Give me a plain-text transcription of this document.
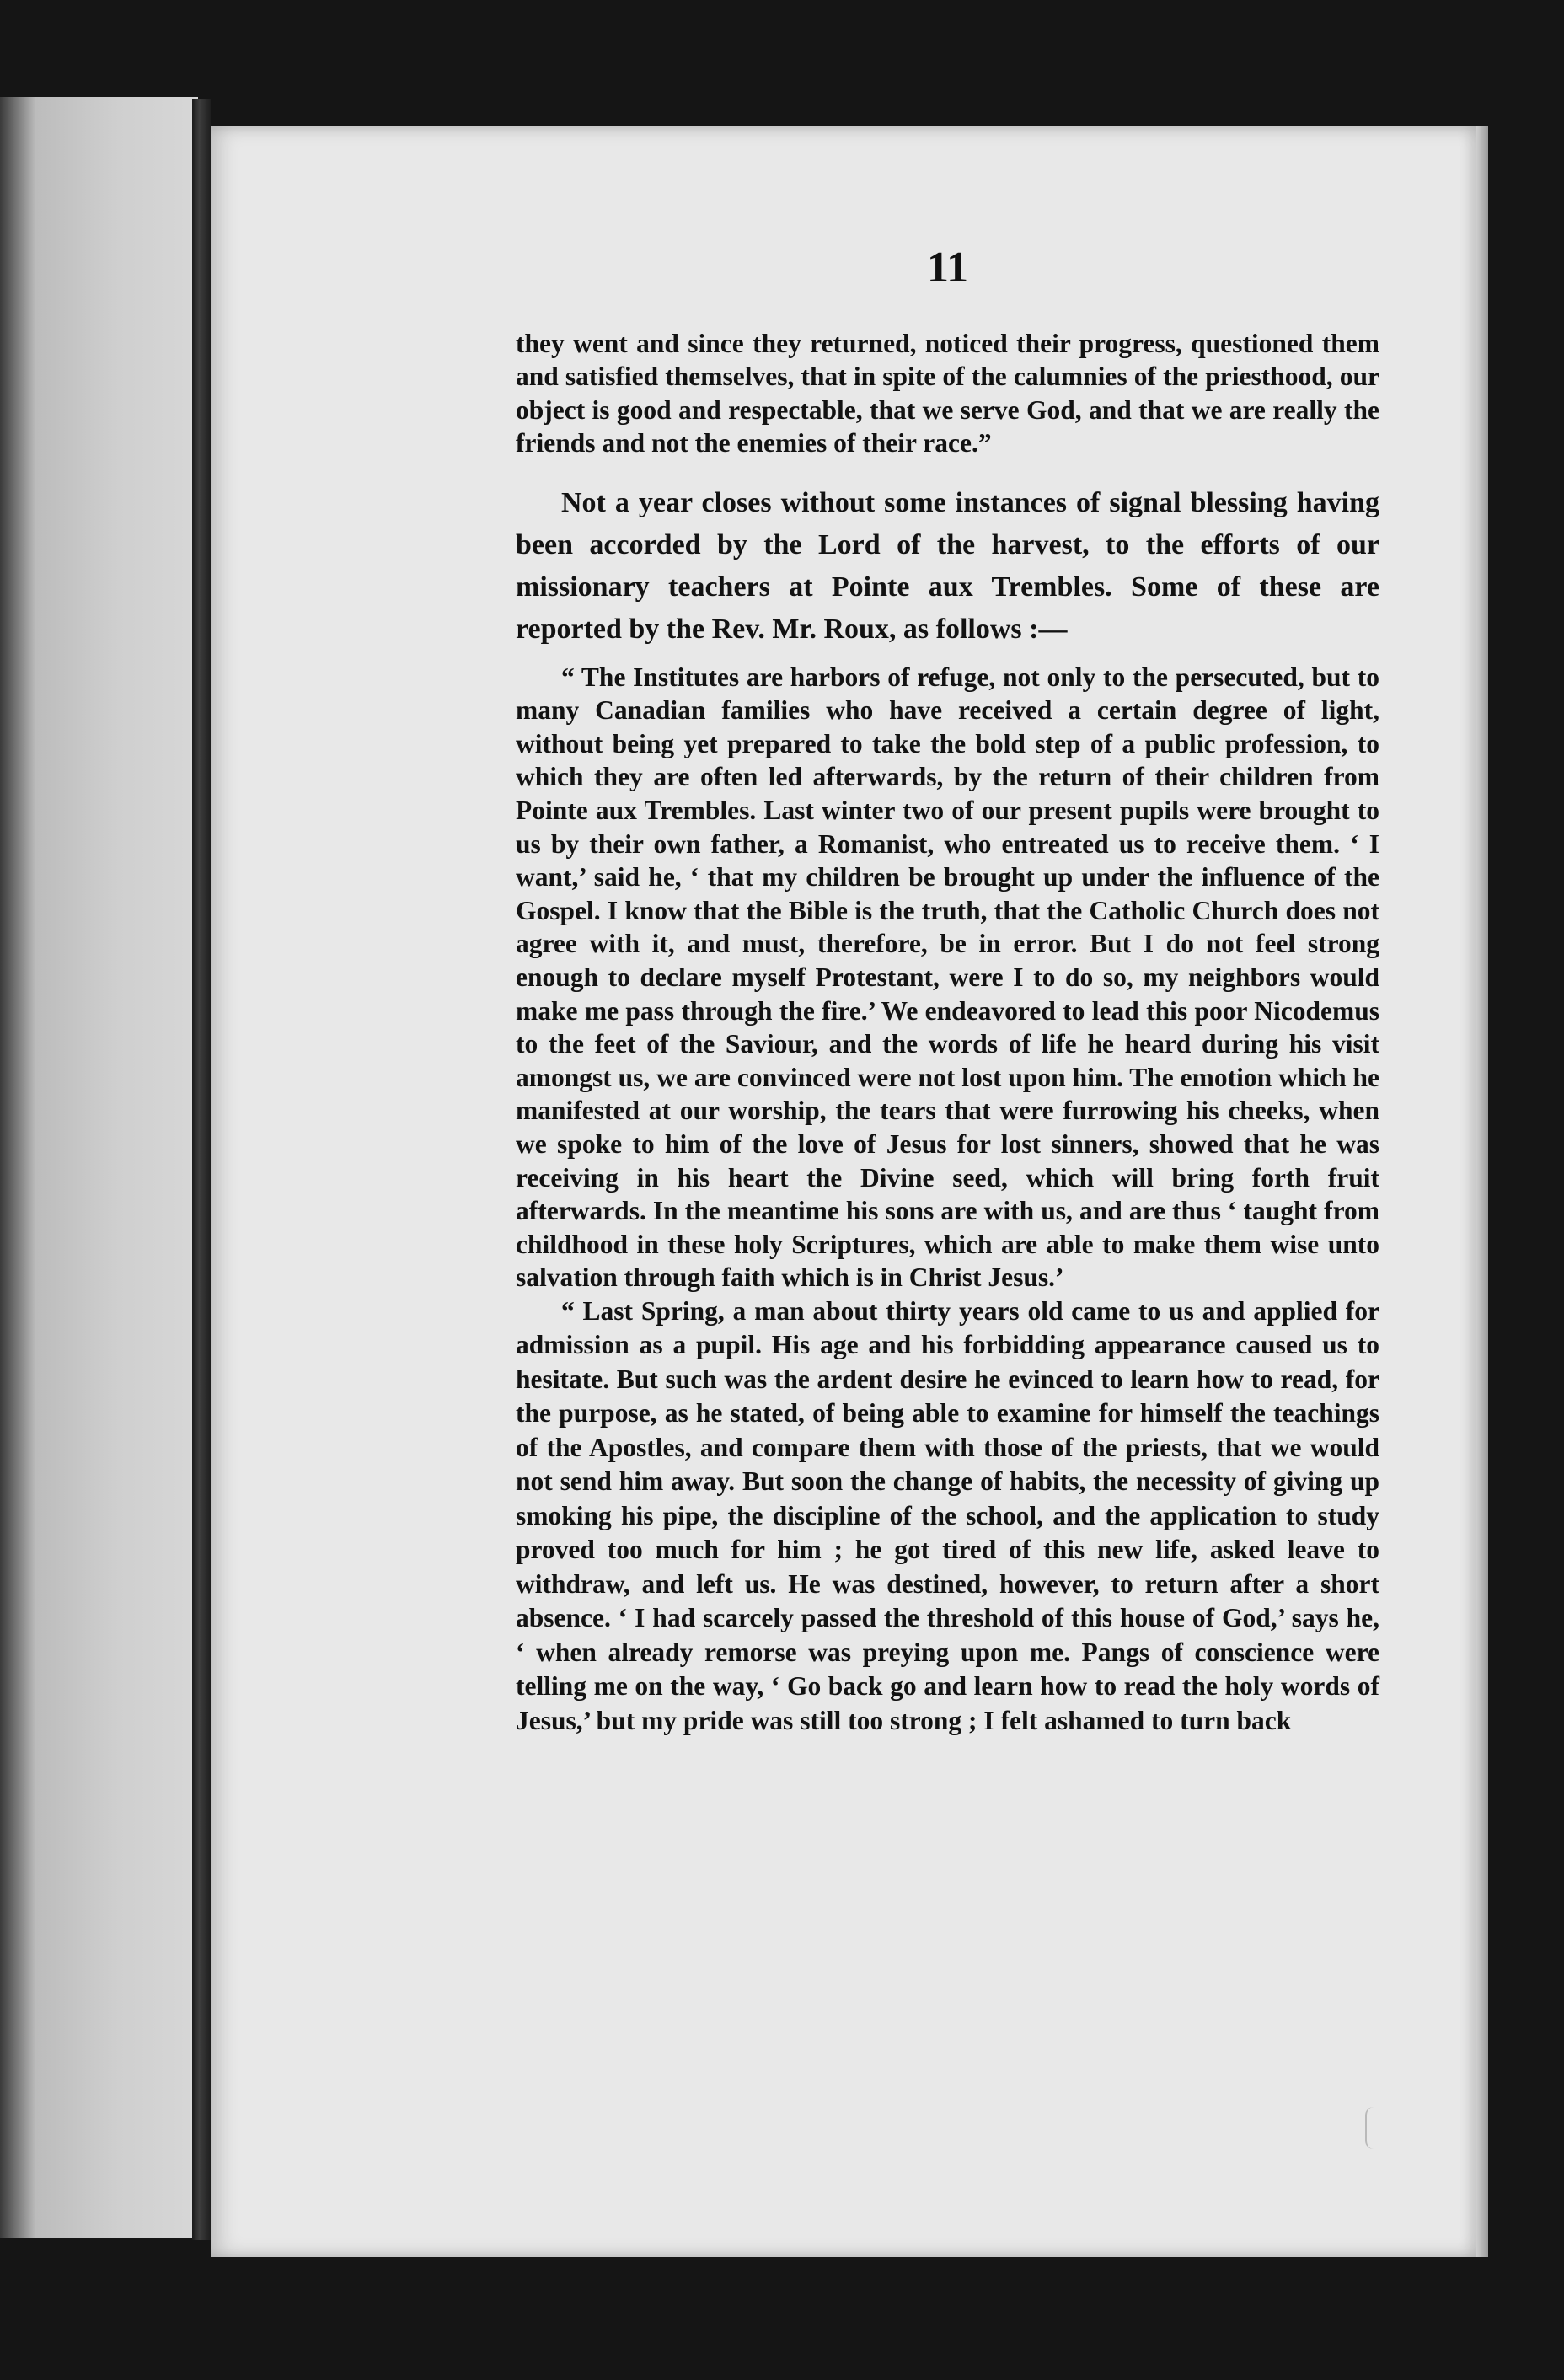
11

they went and since they returned, noticed their progress, questioned them and satisfied themselves, that in spite of the calumnies of the priesthood, our object is good and respectable, that we serve God, and that we are really the friends and not the enemies of their race.”

Not a year closes without some instances of signal blessing having been accorded by the Lord of the harvest, to the efforts of our missionary teachers at Pointe aux Trembles. Some of these are reported by the Rev. Mr. Roux, as follows :—

“ The Institutes are harbors of refuge, not only to the persecuted, but to many Canadian families who have received a certain degree of light, without being yet prepared to take the bold step of a public profession, to which they are often led afterwards, by the return of their children from Pointe aux Trembles. Last winter two of our present pupils were brought to us by their own father, a Romanist, who entreated us to receive them. ‘ I want,’ said he, ‘ that my children be brought up under the influence of the Gospel. I know that the Bible is the truth, that the Catholic Church does not agree with it, and must, therefore, be in error. But I do not feel strong enough to declare myself Protestant, were I to do so, my neighbors would make me pass through the fire.’ We endeavored to lead this poor Nicodemus to the feet of the Saviour, and the words of life he heard during his visit amongst us, we are convinced were not lost upon him. The emotion which he manifested at our worship, the tears that were furrowing his cheeks, when we spoke to him of the love of Jesus for lost sinners, showed that he was receiving in his heart the Divine seed, which will bring forth fruit afterwards. In the meantime his sons are with us, and are thus ‘ taught from childhood in these holy Scriptures, which are able to make them wise unto salvation through faith which is in Christ Jesus.’

“ Last Spring, a man about thirty years old came to us and applied for admission as a pupil. His age and his forbidding appearance caused us to hesitate. But such was the ardent desire he evinced to learn how to read, for the purpose, as he stated, of being able to examine for himself the teachings of the Apostles, and compare them with those of the priests, that we would not send him away. But soon the change of habits, the necessity of giving up smoking his pipe, the discipline of the school, and the application to study proved too much for him ; he got tired of this new life, asked leave to withdraw, and left us. He was destined, however, to return after a short absence. ‘ I had scarcely passed the threshold of this house of God,’ says he, ‘ when already remorse was preying upon me. Pangs of conscience were telling me on the way, ‘ Go back go and learn how to read the holy words of Jesus,’ but my pride was still too strong ; I felt ashamed to turn back
